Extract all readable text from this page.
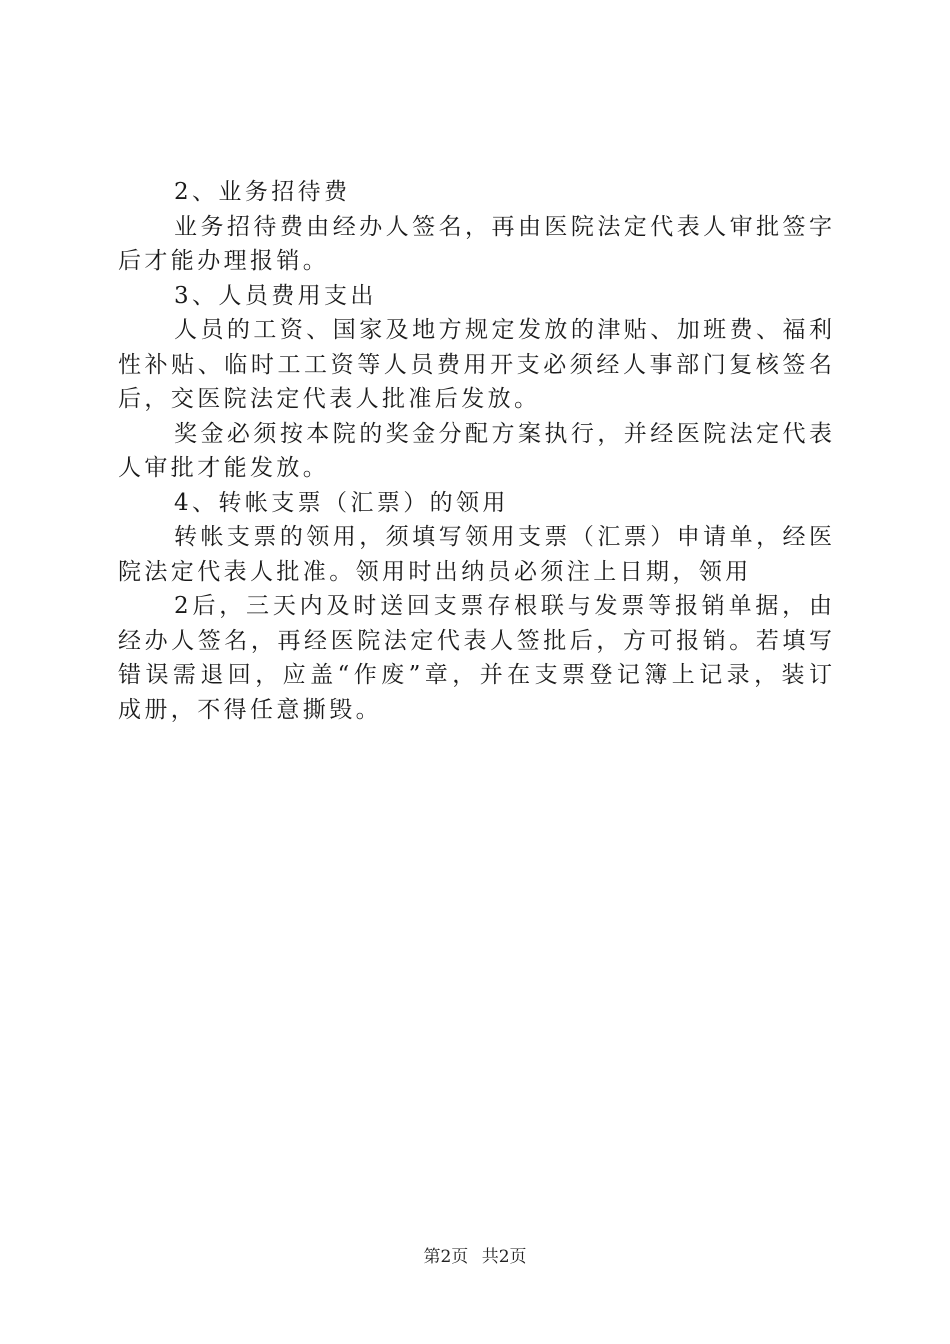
2、业务招待费
业务招待费由经办人签名，再由医院法定代表人审批签字
后才能办理报销。
3、人员费用支出
人员的工资、国家及地方规定发放的津贴、加班费、福利
性补贴、临时工工资等人员费用开支必须经人事部门复核签名
后，交医院法定代表人批准后发放。
奖金必须按本院的奖金分配方案执行，并经医院法定代表
人审批才能发放。
4、转帐支票（汇票）的领用
转帐支票的领用，须填写领用支票（汇票）申请单，经医
院法定代表人批准。领用时出纳员必须注上日期，领用
2后，三天内及时送回支票存根联与发票等报销单据，由
经办人签名，再经医院法定代表人签批后，方可报销。若填写
错误需退回，应盖“作废”章，并在支票登记簿上记录，装订
成册，不得任意撕毁。
第2页 共2页
